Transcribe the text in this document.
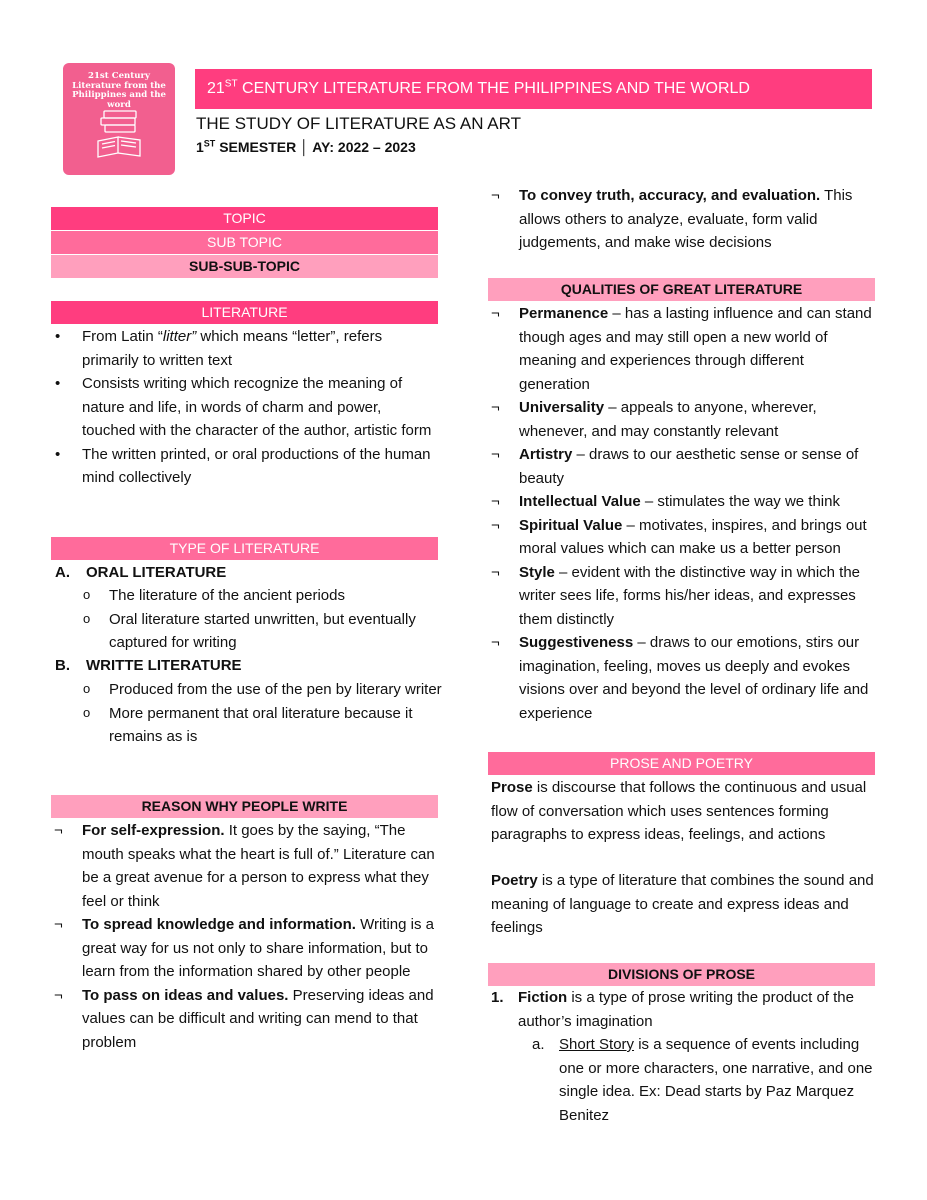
21st Century Literature from the Philippines and the word
21ST CENTURY LITERATURE FROM THE PHILIPPINES AND THE WORLD
THE STUDY OF LITERATURE AS AN ART
1ST SEMESTER │ AY: 2022 – 2023
TOPIC
SUB TOPIC
SUB-SUB-TOPIC
LITERATURE
• From Latin “litter” which means “letter”, refers primarily to written text
• Consists writing which recognize the meaning of nature and life, in words of charm and power, touched with the character of the author, artistic form
• The written printed, or oral productions of the human mind collectively
TYPE OF LITERATURE
A. ORAL LITERATURE
o The literature of the ancient periods
o Oral literature started unwritten, but eventually captured for writing
B. WRITTE LITERATURE
o Produced from the use of the pen by literary writer
o More permanent that oral literature because it remains as is
REASON WHY PEOPLE WRITE
¬ For self-expression. It goes by the saying, “The mouth speaks what the heart is full of.” Literature can be a great avenue for a person to express what they feel or think
¬ To spread knowledge and information. Writing is a great way for us not only to share information, but to learn from the information shared by other people
¬ To pass on ideas and values. Preserving ideas and values can be difficult and writing can mend to that problem
¬ To convey truth, accuracy, and evaluation. This allows others to analyze, evaluate, form valid judgements, and make wise decisions
QUALITIES OF GREAT LITERATURE
¬ Permanence – has a lasting influence and can stand though ages and may still open a new world of meaning and experiences through different generation
¬ Universality – appeals to anyone, wherever, whenever, and may constantly relevant
¬ Artistry – draws to our aesthetic sense or sense of beauty
¬ Intellectual Value – stimulates the way we think
¬ Spiritual Value – motivates, inspires, and brings out moral values which can make us a better person
¬ Style – evident with the distinctive way in which the writer sees life, forms his/her ideas, and expresses them distinctly
¬ Suggestiveness – draws to our emotions, stirs our imagination, feeling, moves us deeply and evokes visions over and beyond the level of ordinary life and experience
PROSE AND POETRY

Prose is discourse that follows the continuous and usual flow of conversation which uses sentences forming paragraphs to express ideas, feelings, and actions

Poetry is a type of literature that combines the sound and meaning of language to create and express ideas and feelings

DIVISIONS OF PROSE
1. Fiction is a type of prose writing the product of the author’s imagination
a. Short Story is a sequence of events including one or more characters, one narrative, and one single idea. Ex: Dead starts by Paz Marquez Benitez
